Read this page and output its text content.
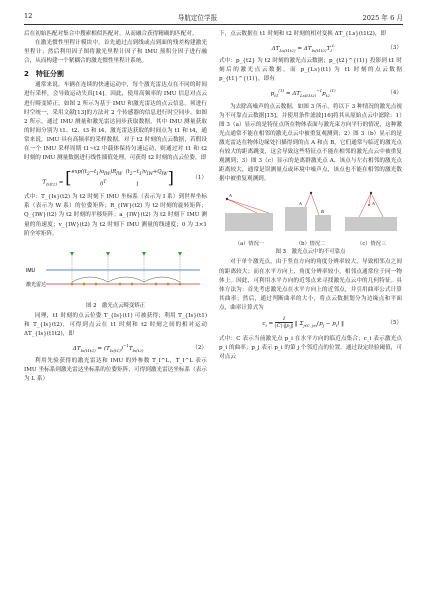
12	导航定位学报	2025 年 6 月

后在初始匹配对集合中搜索相似匹配对，从而融合获得精确的匹配对。

在激光惯性里程计模块中，首先通过点到线或点到面的残差构建激光里程计；然后利用因子图将激光里程计因子和 IMU 预积分因子进行融合，从而构建一个紧耦合的激光惯性里程计系统。

2　特征分割

通常来说，车辆在连续的快速运动中，每个激光雷达点在不同的时间进行采样，会导致运动失真[14]。因此，使用高频率的 IMU 信息对点云进行畸变矫正，如图 2 所示为基于 IMU 和激光雷达的点云信息。须进行时空统一，采用文献[13]的方法对 2 个传感器的信息进行时空同步。如图 2 所示，通过 IMU 测量和激光雷达同步获取数据，其中 IMU 测量获取的时间分别为 t1、t2、t3 和 t4，激光雷达获取的时间点为 t1 和 t4，通常来说，IMU 具有高频率的采样数据，对于 t2 时刻的点云数据，若假设在一个 IMU 采样周期 t1~t2 中载体保持匀速运动，则通过对 t1 和 t2 时刻的 IMU 测量数据进行线性插值处理，可获得 t2 时刻的点云位姿，即

$T_{Is(t2)}$ = [ $\exp((t_2-t_1)a_{IW})R_{IW}$  $(t_2-t_1)v_{IW}+Q_{IW}$
$0^T$                  1	]	（1）

式中：T_{Is}(t2) 为 t2 时刻下 IMU 坐标系（表示为 I 系）到世界坐标系（表示为 W 系）的位姿矩阵；R_{IW}(t2) 为 t2 时刻的旋转矩阵；Q_{IW}(t2) 为 t2 时刻的平移矩阵；a_{IW}(t2) 为 t2 时刻下 IMU 测量的角速度；v_{IW}(t2) 为 t2 时刻下 IMU 测量的线速度；0 为 3×1 阶全零矩阵。

IMU
激光雷达
图 2　激光点云畸变矫正

同理，t1 时刻的点云位姿 T_{Is}(t1) 可被获得；利用 T_{Is}(t1) 和 T_{Is}(t2)，可得到点云在 t1 时刻和 t2 时刻之间的相对运动 ΔT_{Is}(t1t2)，即

$\Delta T_{Is(t1t2)} = (T_{Is(t1)})^{-1}T_{Is(t2)}$	（2）

利用先验获得的激光雷达和 IMU 的外参数 T_I^L，T_I^L 表示 IMU 坐标系到激光雷达坐标系的位姿矩阵，可得到激光雷达坐标系（表示为 L 系）

下，点云数据在 t1 时刻和 t2 时刻的相对变换 ΔT_{Ls}(t1t2)，即

$\Delta T_{Ls(t1t2)} = \Delta T_{Is(t1t2)}T_I^L$	（3）

式中：p_{t2} 为 t2 时刻的激光点云数据；p_{t2}^{(1)} 投影到 t1 时刻后的激光点云数据，而 p_{Ls}(t1) 为 t1 时刻的点云数据 p_{t1}^{(1)}，即有

$p_{t1}^{(1)} = \Delta T_{Ls(t1t2)}^{-1}p_{t2}^{(1)}$	（4）

为去除高噪声的点云数据，如图 3 所示，将以下 3 种情况的激光点视为不可靠点云数据[15]，并使用条件滤波[16]将其从原始点云中滤除：1）图 3（a）显示的是特征点所在物体表面与激光束方向平行的情况，这种激光点通常不能在相邻的激光点云中被重复观测到；2）图 3（b）显示的是激光雷达在物体边缘处扫描得到的点 A 和点 B，它们通常与临近的激光点有较大的距离跳变，这会导致这些特征点不能在相邻的激光点云中被重复观测到；3）图 3（c）显示的是离群激光点 A，该点与左右相邻的激光点距离较大，通常是误测量点或环境中噪声点，该点也不能在相邻的激光数据中被重复观测到。

A
A
B
A
（a）情况一	（b）情况二	（c）情况三
图 3　激光点云中的不可靠点

对于单个激光点，由于竖直方向的角度分辨率较大，导致相邻点之间的距离较大；而在水平方向上，角度分辨率较小，相邻点通常位于同一物体上。因此，可利用水平方向的近邻点来寻找激光点云中的几何特征。具体方法为：首先考虑激光点在水平方向上的近邻点，并引用曲率公式计算其曲率；然后，通过判断曲率的大小，将点云数据划分为边缘点和平面点，曲率计算式为

$c_i$ =
1
$|C|\cdot‖p_i‖$ ‖ $\Sigma_{j\in C, j\ne i}(p_j - p_i)$ ‖	（5）

式中：C 表示当前激光点 p_i 在水平方向的临近点集合；c_i 表示激光点 p_i 的曲率；p_j 表示 p_i 的第 j 个邻近点的位置。通过设定经验阈值，可对点云
